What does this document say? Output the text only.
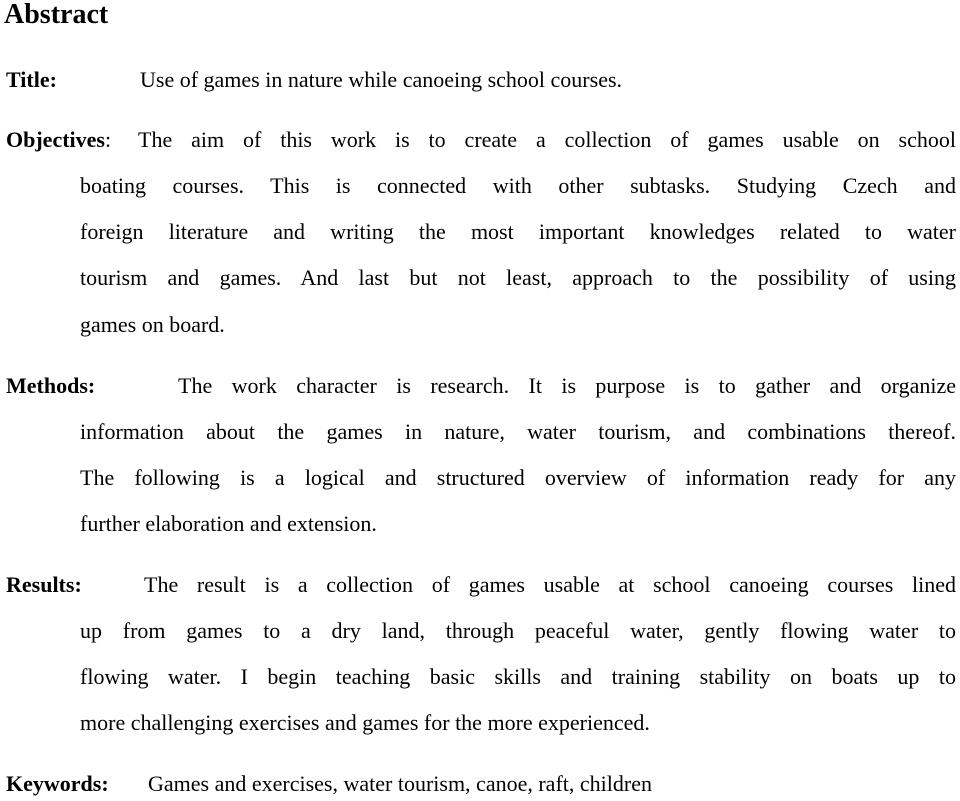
Abstract
Title:	Use of games in nature while canoeing school courses.
Objectives: The aim of this work is to create a collection of games usable on school
boating courses. This is connected with other subtasks. Studying Czech and
foreign literature and writing the most important knowledges related to water
tourism and games. And last but not least, approach to the possibility of using
games on board.
Methods:	The work character is research. It is purpose is to gather and organize
information about the games in nature, water tourism, and combinations thereof.
The following is a logical and structured overview of information ready for any
further elaboration and extension.
Results:	The result is a collection of games usable at school canoeing courses lined
up from games to a dry land, through peaceful water, gently flowing water to
flowing water. I begin teaching basic skills and training stability on boats up to
more challenging exercises and games for the more experienced.
Keywords: Games and exercises, water tourism, canoe, raft, children
